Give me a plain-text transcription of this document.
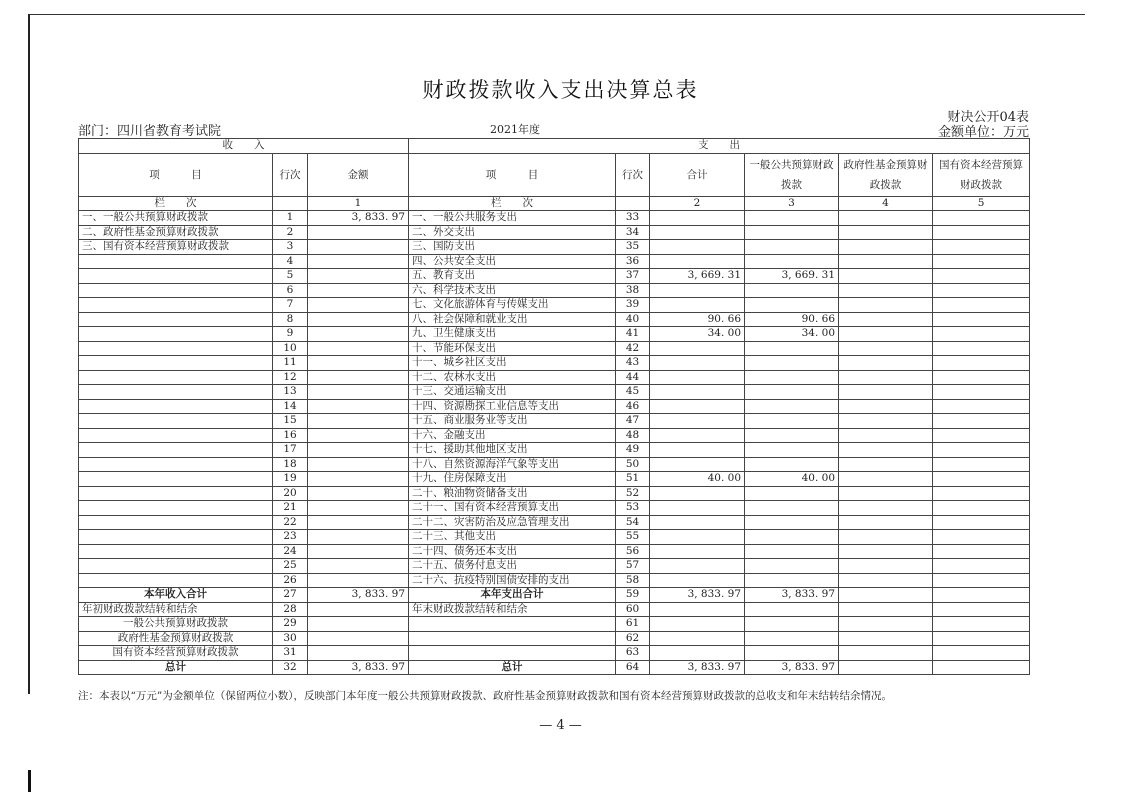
财政拨款收入支出决算总表
财决公开04表
金额单位：万元
部门：四川省教育考试院	2021年度
收　　入			支　　出					
项　　　目	行次	金额	项　　　目	行次	合计	一般公共预算财政拨款	政府性基金预算财政拨款	国有资本经营预算财政拨款
栏　　次		1	栏　　次		2	3	4	5
一、一般公共预算财政拨款	1	3, 833. 97	一、一般公共服务支出	33				
二、政府性基金预算财政拨款	2		二、外交支出	34				
三、国有资本经营预算财政拨款	3		三、国防支出	35				
	4		四、公共安全支出	36				
	5		五、教育支出	37	3, 669. 31	3, 669. 31		
	6		六、科学技术支出	38				
	7		七、文化旅游体育与传媒支出	39				
	8		八、社会保障和就业支出	40	90. 66	90. 66		
	9		九、卫生健康支出	41	34. 00	34. 00		
	10		十、节能环保支出	42				
	11		十一、城乡社区支出	43				
	12		十二、农林水支出	44				
	13		十三、交通运输支出	45				
	14		十四、资源勘探工业信息等支出	46				
	15		十五、商业服务业等支出	47				
	16		十六、金融支出	48				
	17		十七、援助其他地区支出	49				
	18		十八、自然资源海洋气象等支出	50				
	19		十九、住房保障支出	51	40. 00	40. 00		
	20		二十、粮油物资储备支出	52				
	21		二十一、国有资本经营预算支出	53				
	22		二十二、灾害防治及应急管理支出	54				
	23		二十三、其他支出	55				
	24		二十四、债务还本支出	56				
	25		二十五、债务付息支出	57				
	26		二十六、抗疫特别国债安排的支出	58				
本年收入合计	27	3, 833. 97	本年支出合计	59	3, 833. 97	3, 833. 97		
年初财政拨款结转和结余	28		年末财政拨款结转和结余	60				
一般公共预算财政拨款	29			61				
政府性基金预算财政拨款	30			62				
国有资本经营预算财政拨款	31			63				
总计	32	3, 833. 97	总计	64	3, 833. 97	3, 833. 97		
注：本表以“万元”为金额单位（保留两位小数），反映部门本年度一般公共预算财政拨款、政府性基金预算财政拨款和国有资本经营预算财政拨款的总收支和年末结转结余情况。
— 4 —
